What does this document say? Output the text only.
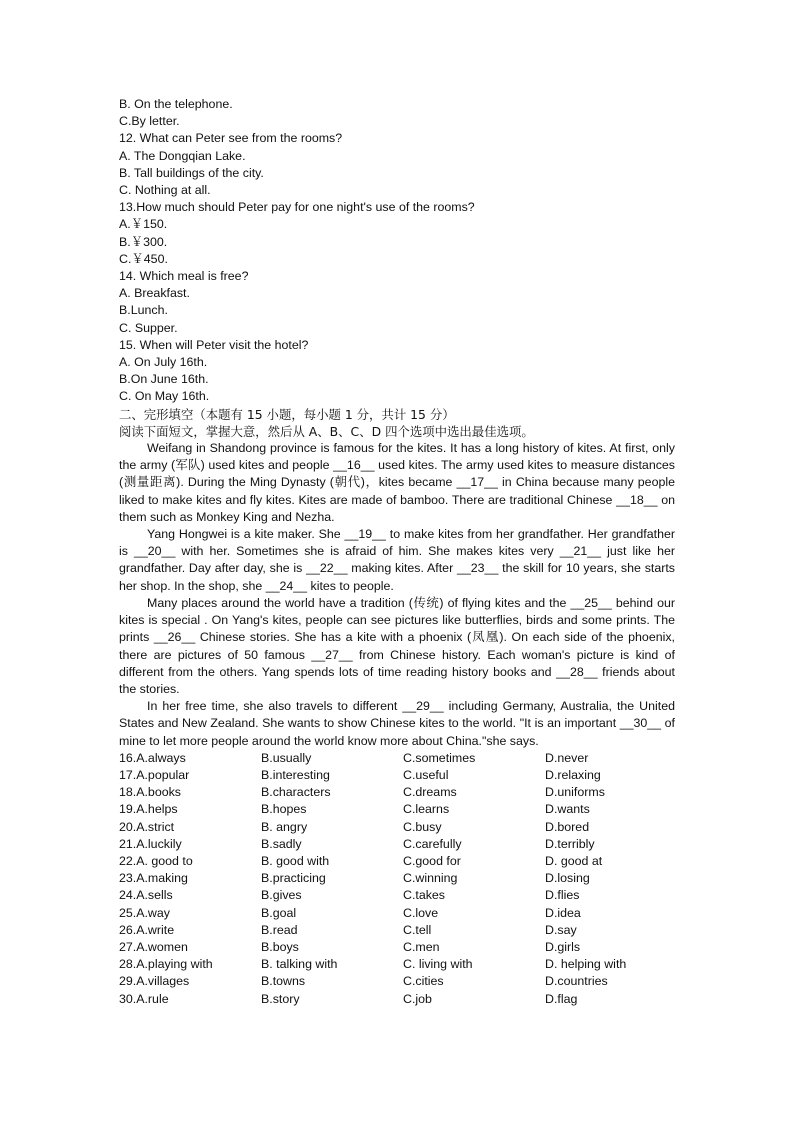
B. On the telephone.
C.By letter.
12. What can Peter see from the rooms?
A. The Dongqian Lake.
B. Tall buildings of the city.
C. Nothing at all.
13.How much should Peter pay for one night's use of the rooms?
A.￥150.
B.￥300.
C.￥450.
14. Which meal is free?
A. Breakfast.
B.Lunch.
C. Supper.
15. When will Peter visit the hotel?
A. On July 16th.
B.On June 16th.
C. On May 16th.
二、完形填空（本题有 15 小题，每小题 1 分，共计 15 分）
阅读下面短文，掌握大意，然后从 A、B、C、D 四个选项中选出最佳选项。

Weifang in Shandong province is famous for the kites. It has a long history of kites. At first, only the army (军队) used kites and people __16__ used kites. The army used kites to measure distances (测量距离). During the Ming Dynasty (朝代)，kites became __17__ in China because many people liked to make kites and fly kites. Kites are made of bamboo. There are traditional Chinese __18__ on them such as Monkey King and Nezha.

Yang Hongwei is a kite maker. She __19__ to make kites from her grandfather. Her grandfather is __20__ with her. Sometimes she is afraid of him. She makes kites very __21__ just like her grandfather. Day after day, she is __22__ making kites. After __23__ the skill for 10 years, she starts her shop. In the shop, she __24__ kites to people.

Many places around the world have a tradition (传统) of flying kites and the __25__ behind our kites is special . On Yang's kites, people can see pictures like butterflies, birds and some prints. The prints __26__ Chinese stories. She has a kite with a phoenix (凤凰). On each side of the phoenix, there are pictures of 50 famous __27__ from Chinese history. Each woman's picture is kind of different from the others. Yang spends lots of time reading history books and __28__ friends about the stories.

In her free time, she also travels to different __29__ including Germany, Australia, the United States and New Zealand. She wants to show Chinese kites to the world. "It is an important __30__ of mine to let more people around the world know more about China."she says.

16.A.always	B.usually	C.sometimes	D.never
17.A.popular	B.interesting	C.useful	D.relaxing
18.A.books	B.characters	C.dreams	D.uniforms
19.A.helps	B.hopes	C.learns	D.wants
20.A.strict	B. angry	C.busy	D.bored
21.A.luckily	B.sadly	C.carefully	D.terribly
22.A. good to	B. good with	C.good for	D. good at
23.A.making	B.practicing	C.winning	D.losing
24.A.sells	B.gives	C.takes	D.flies
25.A.way	B.goal	C.love	D.idea
26.A.write	B.read	C.tell	D.say
27.A.women	B.boys	C.men	D.girls
28.A.playing with	B. talking with	C. living with	D. helping with
29.A.villages	B.towns	C.cities	D.countries
30.A.rule	B.story	C.job	D.flag
